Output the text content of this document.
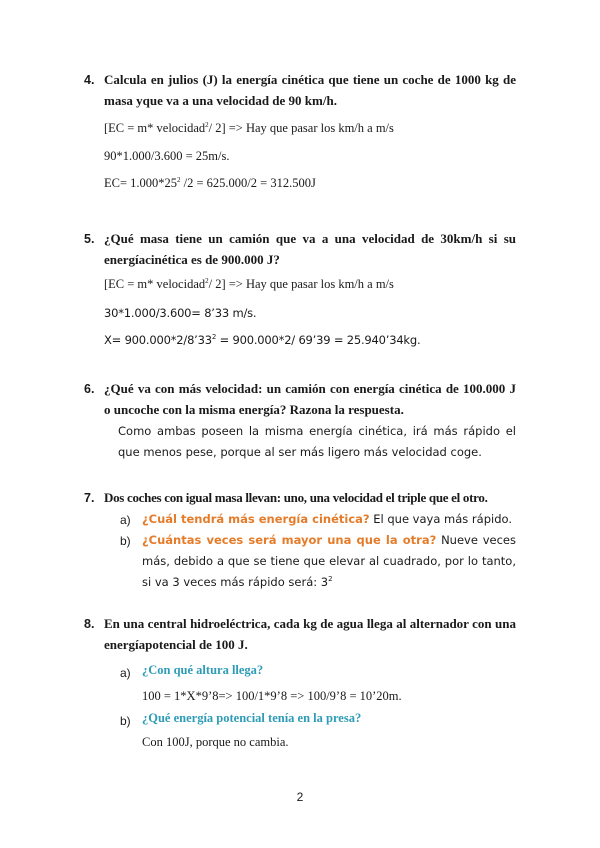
4. Calcula en julios (J) la energía cinética que tiene un coche de 1000 kg de
masa yque va a una velocidad de 90 km/h.
[EC = m* velocidad$^2$/ 2] => Hay que pasar los km/h a m/s
90*1.000/3.600 = 25m/s.
$EC= 1.000*25^2$ /2 = 625.000/2 = 312.500J
5. ¿Qué masa tiene un camión que va a una velocidad de 30km/h si su
energíacinética es de 900.000 J?
[EC = m* velocidad$^2$/ 2] => Hay que pasar los km/h a m/s
30*1.000/3.600= 8’33 m/s.
$X= 900.000*2/8’33^2 = 900.000*2/$ 69’39 = 25.940’34kg.
6. ¿Qué va con más velocidad: un camión con energía cinética de 100.000 J
o uncoche con la misma energía? Razona la respuesta.
Como ambas poseen la misma energía cinética, irá más rápido el que menos pese, porque al ser más ligero más velocidad coge.
7. Dos coches con igual masa llevan: uno, una velocidad el triple que el otro.
a) ¿Cuál tendrá más energía cinética? El que vaya más rápido.
b) ¿Cuántas veces será mayor una que la otra? Nueve veces más, debido a que se tiene que elevar al cuadrado, por lo tanto, si va 3 veces más rápido será: $3^2$
8. En una central hidroeléctrica, cada kg de agua llega al alternador con una
energíapotencial de 100 J.
a) ¿Con qué altura llega?
100 = 1*X*9’8=> 100/1*9’8 => 100/9’8 = 10’20m.
b) ¿Qué energía potencial tenía en la presa?
Con 100J, porque no cambia.
2
